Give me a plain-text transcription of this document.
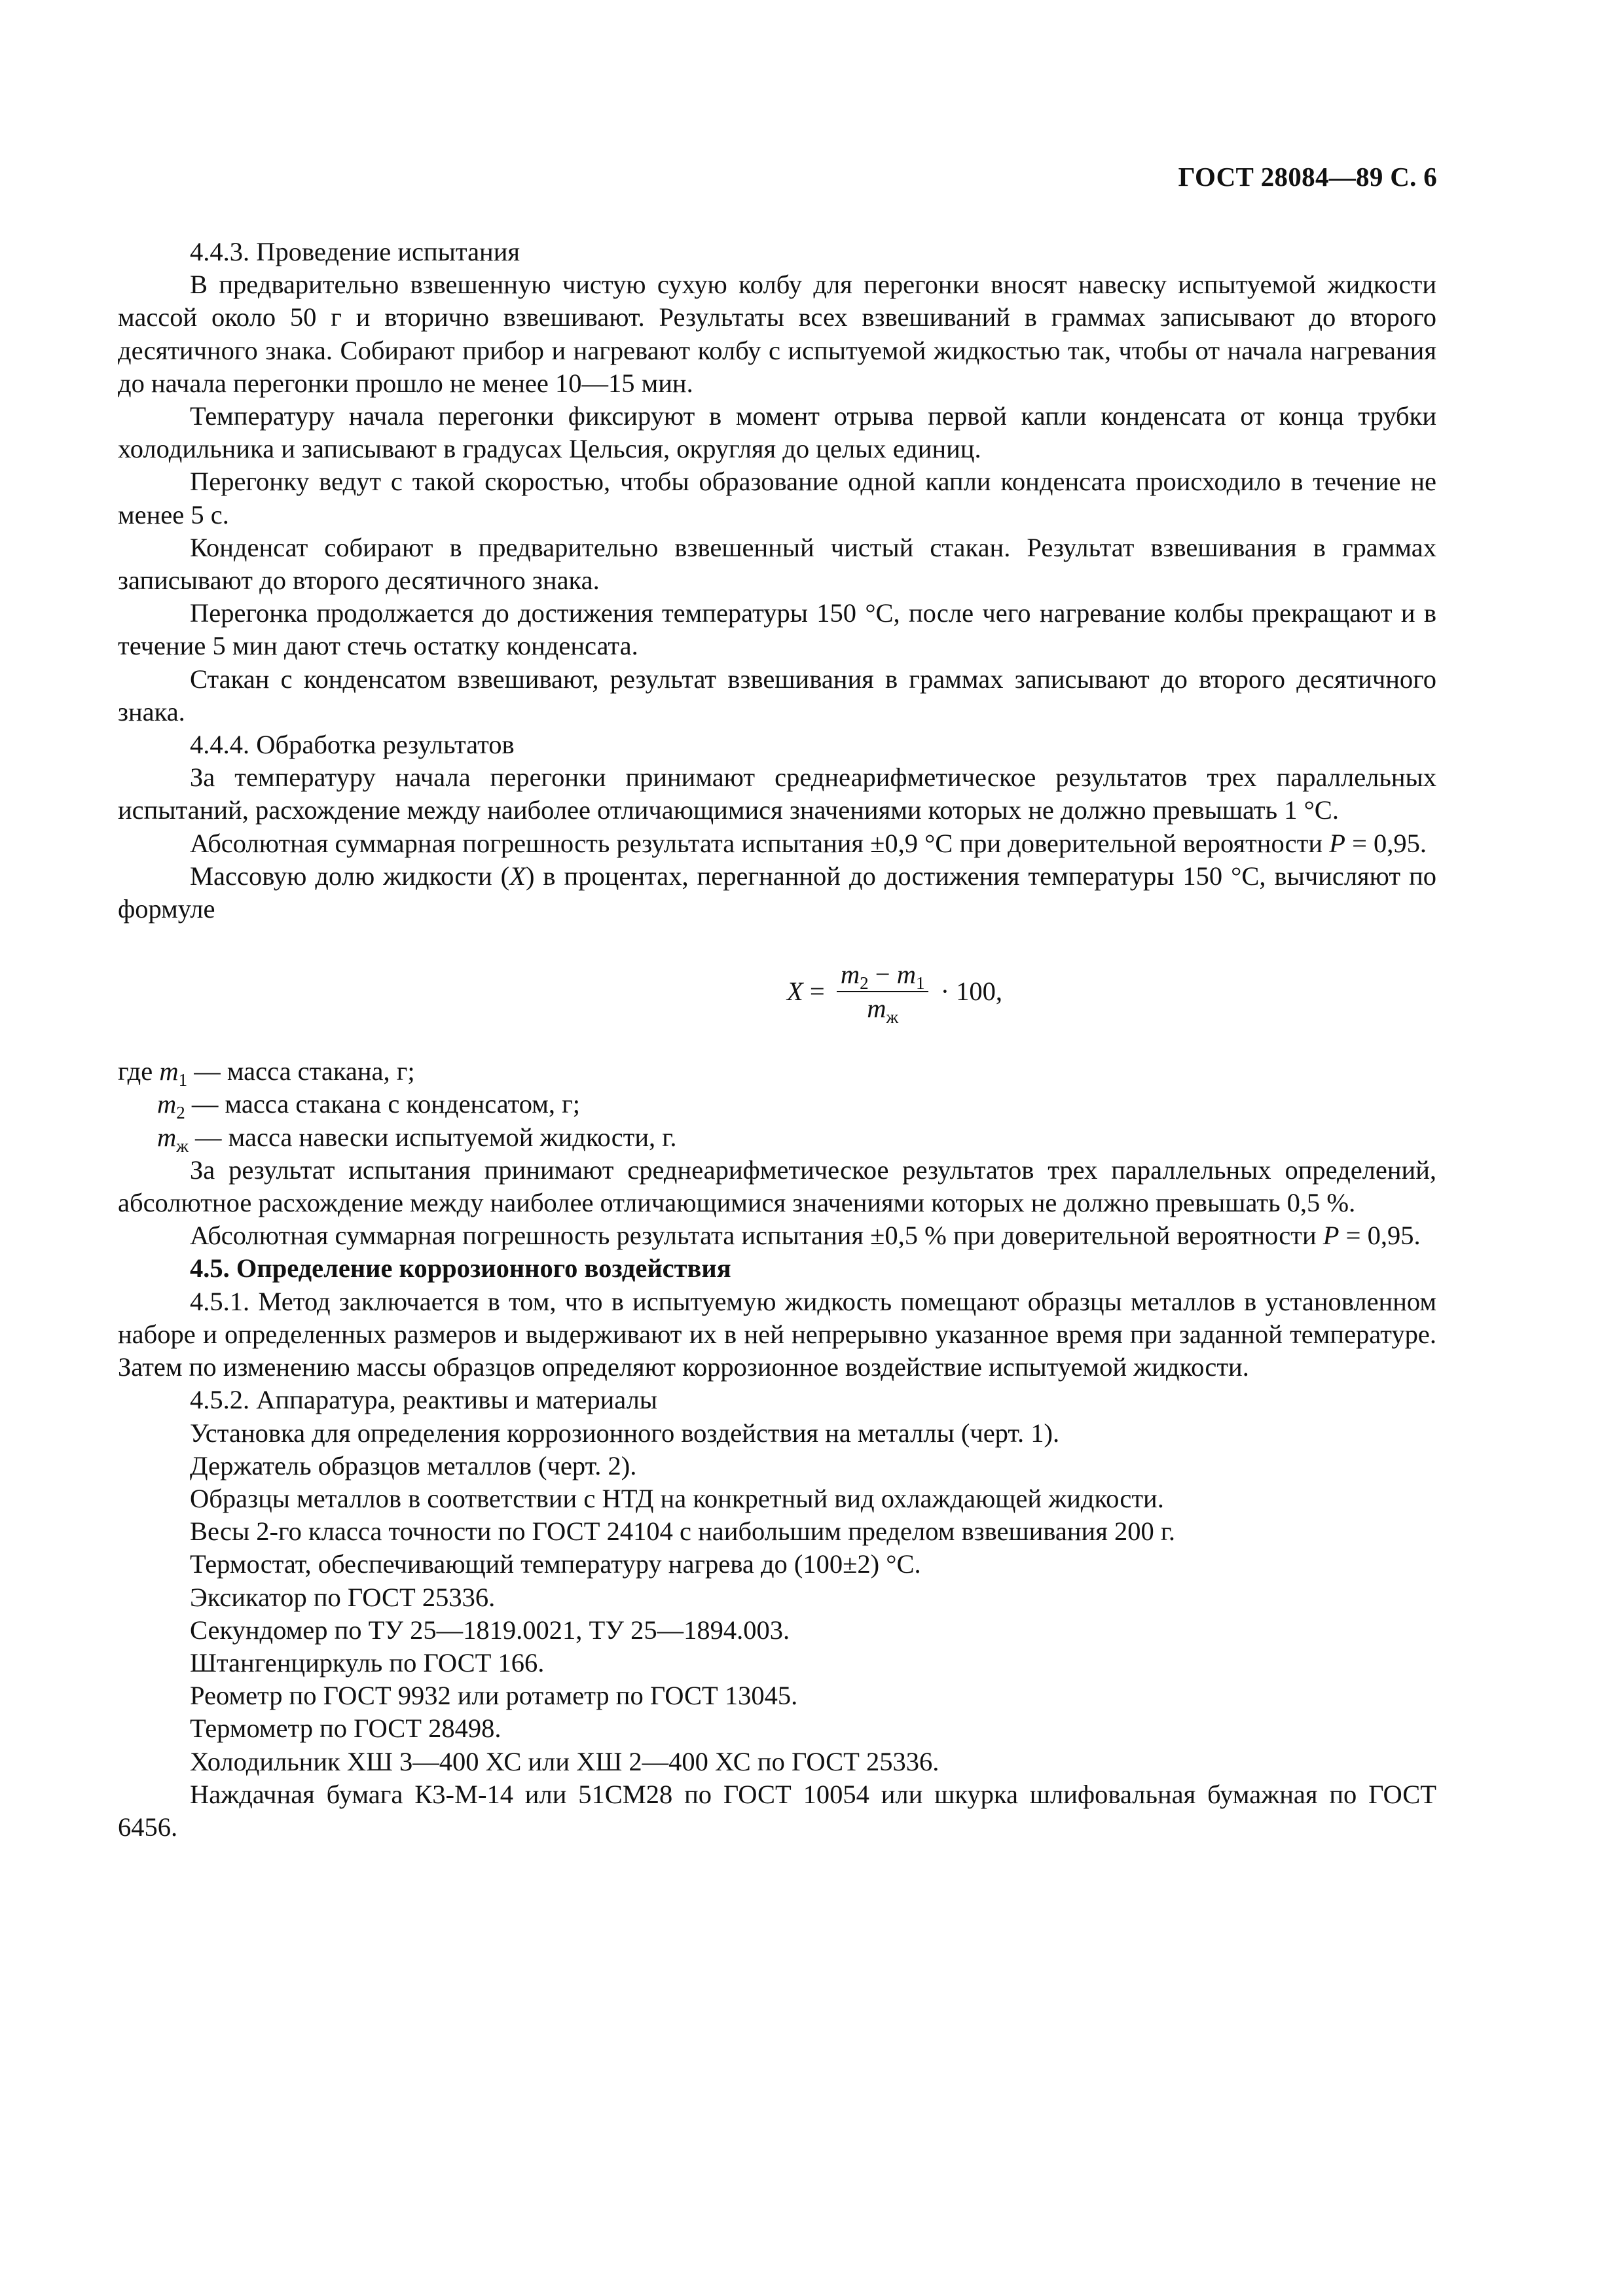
ГОСТ 28084—89 С. 6

4.4.3. Проведение испытания

В предварительно взвешенную чистую сухую колбу для перегонки вносят навеску испытуемой жидкости массой около 50 г и вторично взвешивают. Результаты всех взвешиваний в граммах записывают до второго десятичного знака. Собирают прибор и нагревают колбу с испытуемой жидкостью так, чтобы от начала нагревания до начала перегонки прошло не менее 10—15 мин.

Температуру начала перегонки фиксируют в момент отрыва первой капли конденсата от конца трубки холодильника и записывают в градусах Цельсия, округляя до целых единиц.

Перегонку ведут с такой скоростью, чтобы образование одной капли конденсата происходило в течение не менее 5 с.

Конденсат собирают в предварительно взвешенный чистый стакан. Результат взвешивания в граммах записывают до второго десятичного знака.

Перегонка продолжается до достижения температуры 150 °С, после чего нагревание колбы прекращают и в течение 5 мин дают стечь остатку конденсата.

Стакан с конденсатом взвешивают, результат взвешивания в граммах записывают до второго десятичного знака.

4.4.4. Обработка результатов

За температуру начала перегонки принимают среднеарифметическое результатов трех параллельных испытаний, расхождение между наиболее отличающимися значениями которых не должно превышать 1 °С.

Абсолютная суммарная погрешность результата испытания ±0,9 °С при доверительной вероятности P = 0,95.

Массовую долю жидкости (X) в процентах, перегнанной до достижения температуры 150 °С, вычисляют по формуле

$X = \frac{m_2 - m_1}{m_ж} \cdot 100$,

где $m_1$ — масса стакана, г;

$m_2$ — масса стакана с конденсатом, г;

$m_ж$ — масса навески испытуемой жидкости, г.

За результат испытания принимают среднеарифметическое результатов трех параллельных определений, абсолютное расхождение между наиболее отличающимися значениями которых не должно превышать 0,5 %.

Абсолютная суммарная погрешность результата испытания ±0,5 % при доверительной вероятности P = 0,95.

4.5. Определение коррозионного воздействия

4.5.1. Метод заключается в том, что в испытуемую жидкость помещают образцы металлов в установленном наборе и определенных размеров и выдерживают их в ней непрерывно указанное время при заданной температуре. Затем по изменению массы образцов определяют коррозионное воздействие испытуемой жидкости.

4.5.2. Аппаратура, реактивы и материалы

Установка для определения коррозионного воздействия на металлы (черт. 1).

Держатель образцов металлов (черт. 2).

Образцы металлов в соответствии с НТД на конкретный вид охлаждающей жидкости.

Весы 2-го класса точности по ГОСТ 24104 с наибольшим пределом взвешивания 200 г.

Термостат, обеспечивающий температуру нагрева до (100±2) °С.

Эксикатор по ГОСТ 25336.

Секундомер по ТУ 25—1819.0021, ТУ 25—1894.003.

Штангенциркуль по ГОСТ 166.

Реометр по ГОСТ 9932 или ротаметр по ГОСТ 13045.

Термометр по ГОСТ 28498.

Холодильник ХШ 3—400 ХС или ХШ 2—400 ХС по ГОСТ 25336.

Наждачная бумага К3-М-14 или 51СМ28 по ГОСТ 10054 или шкурка шлифовальная бумажная по ГОСТ 6456.
